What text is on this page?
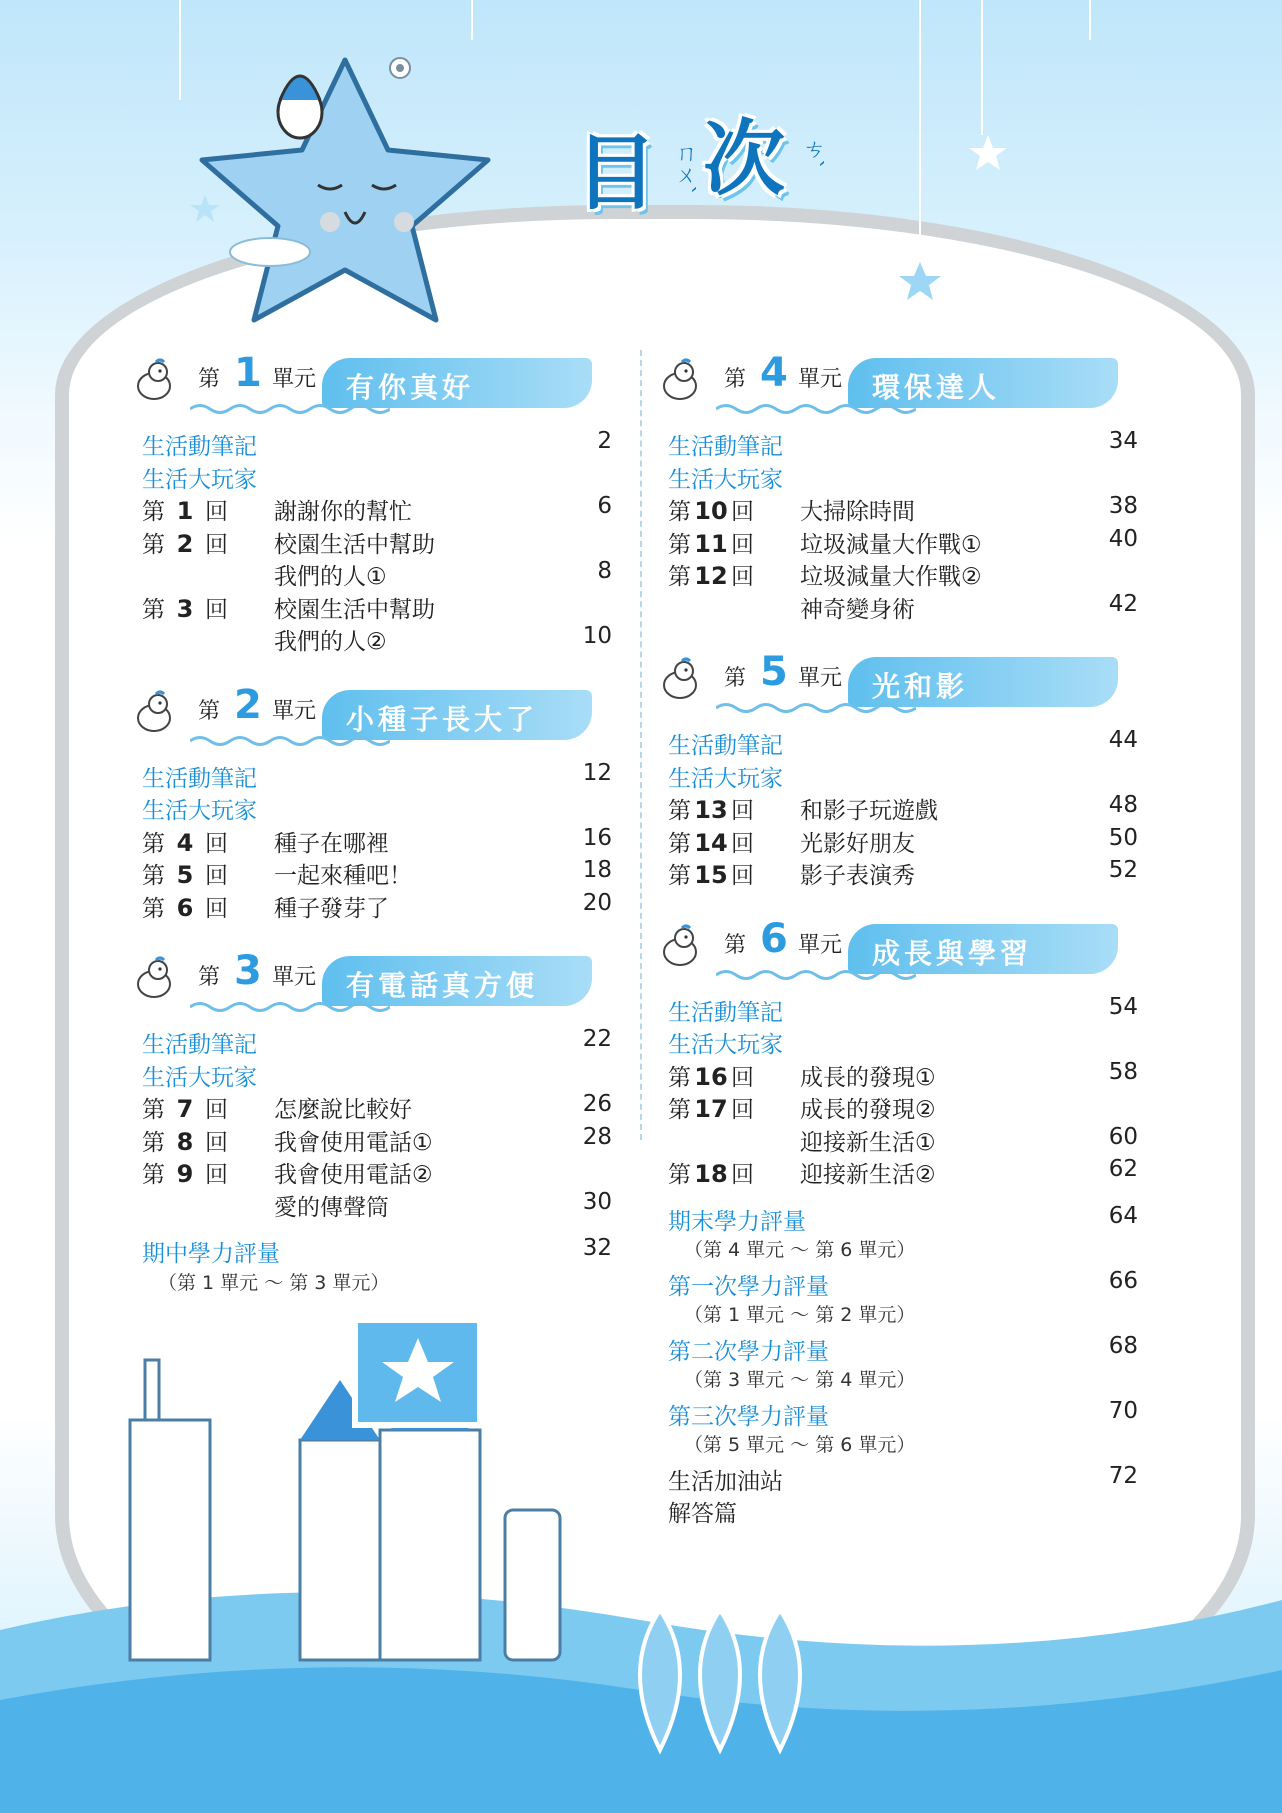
目 ㄇㄨˋ 次 ㄘˋ
第 1 單元 有你真好
生活動筆記	2
生活大玩家
第 1 回 謝謝你的幫忙	6
第 2 回 校園生活中幫助
我們的人①	8
第 3 回 校園生活中幫助
我們的人②	10
第 2 單元 小種子長大了
生活動筆記	12
生活大玩家
第 4 回 種子在哪裡	16
第 5 回 一起來種吧！	18
第 6 回 種子發芽了	20
第 3 單元 有電話真方便
生活動筆記	22
生活大玩家
第 7 回 怎麼說比較好	26
第 8 回 我會使用電話①	28
第 9 回 我會使用電話②
愛的傳聲筒	30
期中學力評量	32
（第 1 單元 ～ 第 3 單元）
第 4 單元 環保達人
生活動筆記	34
生活大玩家
第 10 回 大掃除時間	38
第 11 回 垃圾減量大作戰①	40
第 12 回 垃圾減量大作戰②
神奇變身術	42
第 5 單元 光和影
生活動筆記	44
生活大玩家
第 13 回 和影子玩遊戲	48
第 14 回 光影好朋友	50
第 15 回 影子表演秀	52
第 6 單元 成長與學習
生活動筆記	54
生活大玩家
第 16 回 成長的發現①	58
第 17 回 成長的發現②
迎接新生活①	60
第 18 回 迎接新生活②	62
期末學力評量	64
（第 4 單元 ～ 第 6 單元）
第一次學力評量	66
（第 1 單元 ～ 第 2 單元）
第二次學力評量	68
（第 3 單元 ～ 第 4 單元）
第三次學力評量	70
（第 5 單元 ～ 第 6 單元）
生活加油站	72
解答篇
